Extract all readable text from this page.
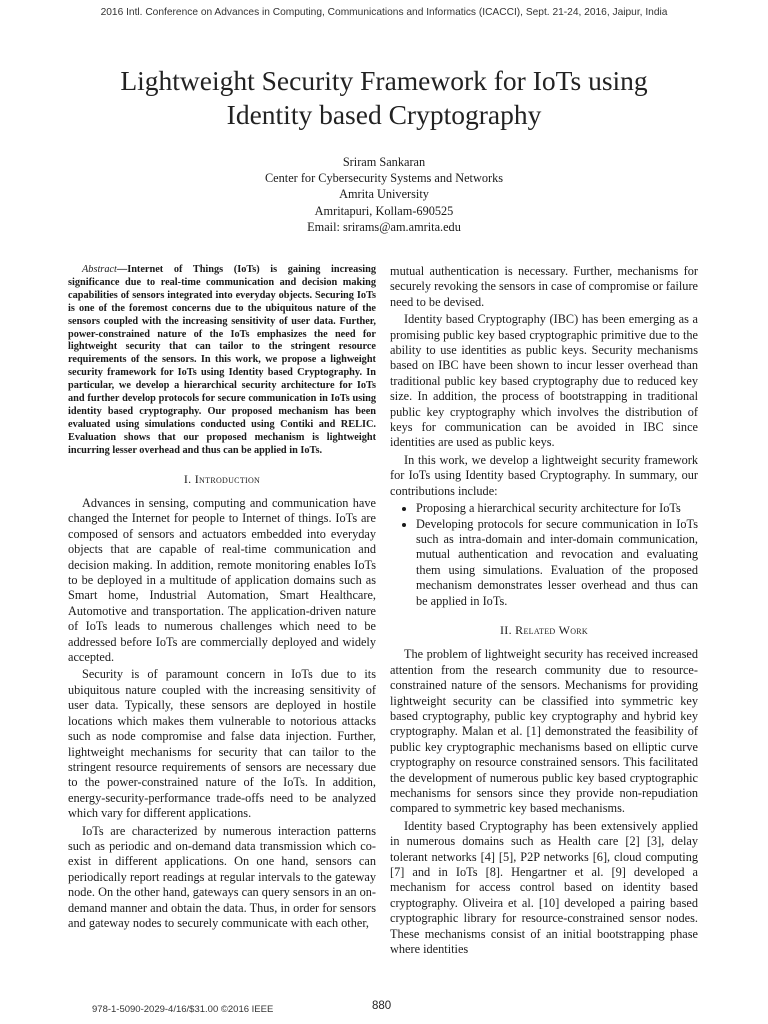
2016 Intl. Conference on Advances in Computing, Communications and Informatics (ICACCI), Sept. 21-24, 2016, Jaipur, India
Lightweight Security Framework for IoTs using
Identity based Cryptography
Sriram Sankaran
Center for Cybersecurity Systems and Networks
Amrita University
Amritapuri, Kollam-690525
Email: srirams@am.amrita.edu

Abstract—Internet of Things (IoTs) is gaining increasing significance due to real-time communication and decision making capabilities of sensors integrated into everyday objects. Securing IoTs is one of the foremost concerns due to the ubiquitous nature of the sensors coupled with the increasing sensitivity of user data. Further, power-constrained nature of the IoTs emphasizes the need for lightweight security that can tailor to the stringent resource requirements of the sensors. In this work, we propose a lighweight security framework for IoTs using Identity based Cryptography. In particular, we develop a hierarchical security architecture for IoTs and further develop protocols for secure communication in IoTs using identity based cryptography. Our proposed mechanism has been evaluated using simulations conducted using Contiki and RELIC. Evaluation shows that our proposed mechanism is lightweight incurring lesser overhead and thus can be applied in IoTs.

I. Introduction

Advances in sensing, computing and communication have changed the Internet for people to Internet of things. IoTs are composed of sensors and actuators embedded into everyday objects that are capable of real-time communication and decision making. In addition, remote monitoring enables IoTs to be deployed in a multitude of application domains such as Smart home, Industrial Automation, Smart Healthcare, Automotive and transportation. The application-driven nature of IoTs leads to numerous challenges which need to be addressed before IoTs are commercially deployed and widely accepted.

Security is of paramount concern in IoTs due to its ubiquitous nature coupled with the increasing sensitivity of user data. Typically, these sensors are deployed in hostile locations which makes them vulnerable to notorious attacks such as node compromise and false data injection. Further, lightweight mechanisms for security that can tailor to the stringent resource requirements of sensors are necessary due to the power-constrained nature of the IoTs. In addition, energy-security-performance trade-offs need to be analyzed which vary for different applications.

IoTs are characterized by numerous interaction patterns such as periodic and on-demand data transmission which co-exist in different applications. On one hand, sensors can periodically report readings at regular intervals to the gateway node. On the other hand, gateways can query sensors in an on-demand manner and obtain the data. Thus, in order for sensors and gateway nodes to securely communicate with each other,

mutual authentication is necessary. Further, mechanisms for securely revoking the sensors in case of compromise or failure need to be devised.

Identity based Cryptography (IBC) has been emerging as a promising public key based cryptographic primitive due to the ability to use identities as public keys. Security mechanisms based on IBC have been shown to incur lesser overhead than traditional public key based cryptography due to reduced key size. In addition, the process of bootstrapping in traditional public key cryptography which involves the distribution of keys for communication can be avoided in IBC since identities are used as public keys.

In this work, we develop a lightweight security framework for IoTs using Identity based Cryptography. In summary, our contributions include:

• Proposing a hierarchical security architecture for IoTs
• Developing protocols for secure communication in IoTs such as intra-domain and inter-domain communication, mutual authentication and revocation and evaluating them using simulations. Evaluation of the proposed mechanism demonstrates lesser overhead and thus can be applied in IoTs.
II. Related Work

The problem of lightweight security has received increased attention from the research community due to resource-constrained nature of the sensors. Mechanisms for providing lightweight security can be classified into symmetric key based cryptography, public key cryptography and hybrid key cryptography. Malan et al. [1] demonstrated the feasibility of public key cryptographic mechanisms based on elliptic curve cryptography on resource constrained sensors. This facilitated the development of numerous public key based cryptographic mechanisms for sensors since they provide non-repudiation compared to symmetric key based mechanisms.

Identity based Cryptography has been extensively applied in numerous domains such as Health care [2] [3], delay tolerant networks [4] [5], P2P networks [6], cloud computing [7] and in IoTs [8]. Hengartner et al. [9] developed a mechanism for access control based on identity based cryptography. Oliveira et al. [10] developed a pairing based cryptographic library for resource-constrained sensor nodes. These mechanisms consist of an initial bootstrapping phase where identities

978-1-5090-2029-4/16/$31.00 ©2016 IEEE	880
